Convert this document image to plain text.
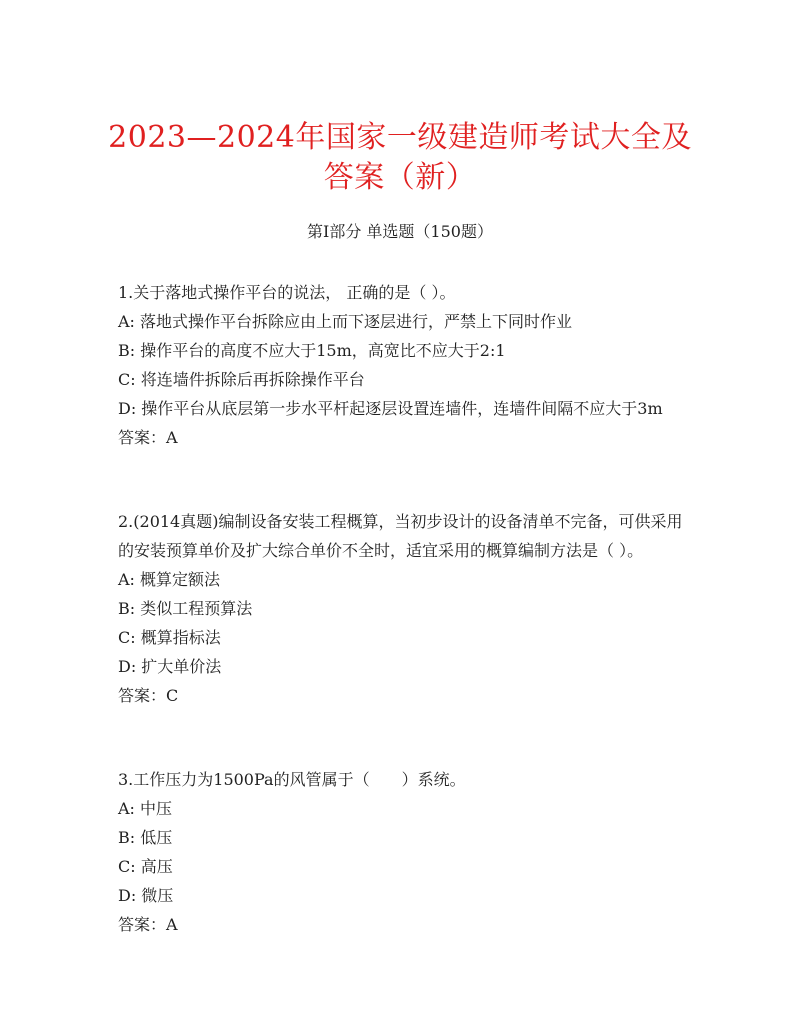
2023—2024年国家一级建造师考试大全及答案（新）
第Ⅰ部分 单选题（150题）
1.关于落地式操作平台的说法， 正确的是（ ）。
A: 落地式操作平台拆除应由上而下逐层进行，严禁上下同时作业
B: 操作平台的高度不应大于15m，高宽比不应大于2:1
C: 将连墙件拆除后再拆除操作平台
D: 操作平台从底层第一步水平杆起逐层设置连墙件，连墙件间隔不应大于3m
答案：A
2.(2014真题)编制设备安装工程概算，当初步设计的设备清单不完备，可供采用的安装预算单价及扩大综合单价不全时，适宜采用的概算编制方法是（ ）。
A: 概算定额法
B: 类似工程预算法
C: 概算指标法
D: 扩大单价法
答案：C
3.工作压力为1500Pa的风管属于（　　）系统。
A: 中压
B: 低压
C: 高压
D: 微压
答案：A
